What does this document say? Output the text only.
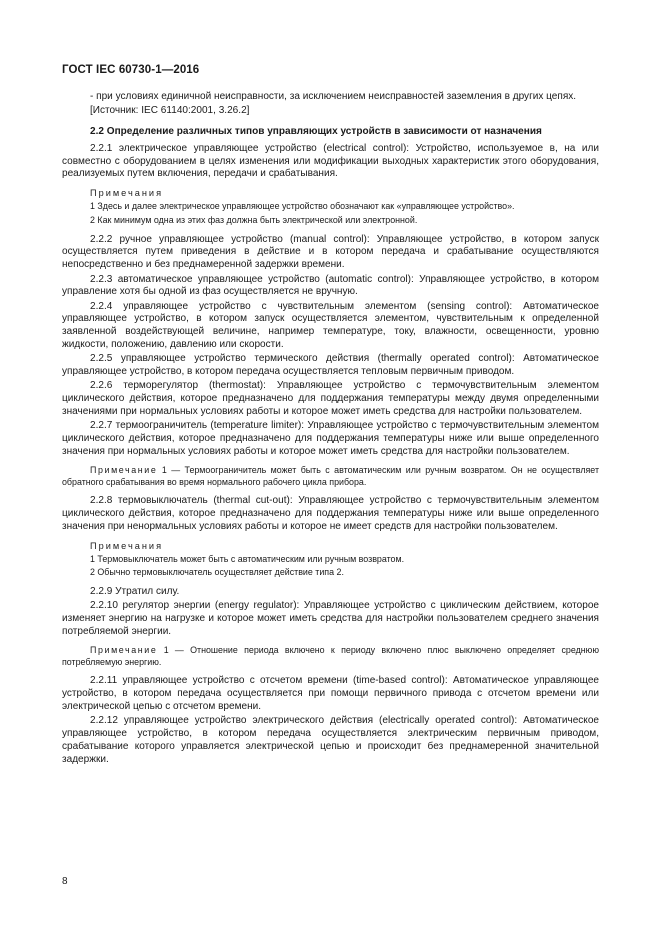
ГОСТ IEC 60730-1—2016

- при условиях единичной неисправности, за исключением неисправностей заземления в других цепях.

[Источник: IEC 61140:2001, 3.26.2]

2.2 Определение различных типов управляющих устройств в зависимости от назначения

2.2.1 электрическое управляющее устройство (electrical control): Устройство, используемое в, на или совместно с оборудованием в целях изменения или модификации выходных характеристик этого оборудования, реализуемых путем включения, передачи и срабатывания.

Примечания

1 Здесь и далее электрическое управляющее устройство обозначают как «управляющее устройство».

2 Как минимум одна из этих фаз должна быть электрической или электронной.

2.2.2 ручное управляющее устройство (manual control): Управляющее устройство, в котором запуск осуществляется путем приведения в действие и в котором передача и срабатывание осуществляются непосредственно и без преднамеренной задержки времени.

2.2.3 автоматическое управляющее устройство (automatic control): Управляющее устройство, в котором управление хотя бы одной из фаз осуществляется не вручную.

2.2.4 управляющее устройство с чувствительным элементом (sensing control): Автоматическое управляющее устройство, в котором запуск осуществляется элементом, чувствительным к определенной заявленной воздействующей величине, например температуре, току, влажности, освещенности, уровню жидкости, положению, давлению или скорости.

2.2.5 управляющее устройство термического действия (thermally operated control): Автоматическое управляющее устройство, в котором передача осуществляется тепловым первичным приводом.

2.2.6 терморегулятор (thermostat): Управляющее устройство с термочувствительным элементом циклического действия, которое предназначено для поддержания температуры между двумя определенными значениями при нормальных условиях работы и которое может иметь средства для настройки пользователем.

2.2.7 термоограничитель (temperature limiter): Управляющее устройство с термочувствительным элементом циклического действия, которое предназначено для поддержания температуры ниже или выше определенного значения при нормальных условиях работы и которое может иметь средства для настройки пользователем.

Примечание 1 — Термоограничитель может быть с автоматическим или ручным возвратом. Он не осуществляет обратного срабатывания во время нормального рабочего цикла прибора.

2.2.8 термовыключатель (thermal cut-out): Управляющее устройство с термочувствительным элементом циклического действия, которое предназначено для поддержания температуры ниже или выше определенного значения при ненормальных условиях работы и которое не имеет средств для настройки пользователем.

Примечания

1 Термовыключатель может быть с автоматическим или ручным возвратом.

2 Обычно термовыключатель осуществляет действие типа 2.

2.2.9 Утратил силу.

2.2.10 регулятор энергии (energy regulator): Управляющее устройство с циклическим действием, которое изменяет энергию на нагрузке и которое может иметь средства для настройки пользователем среднего значения потребляемой энергии.

Примечание 1 — Отношение периода включено к периоду включено плюс выключено определяет среднюю потребляемую энергию.

2.2.11 управляющее устройство с отсчетом времени (time-based control): Автоматическое управляющее устройство, в котором передача осуществляется при помощи первичного привода с отсчетом времени или электрической цепью с отсчетом времени.

2.2.12 управляющее устройство электрического действия (electrically operated control): Автоматическое управляющее устройство, в котором передача осуществляется электрическим первичным приводом, срабатывание которого управляется электрической цепью и происходит без преднамеренной значительной задержки.

8
